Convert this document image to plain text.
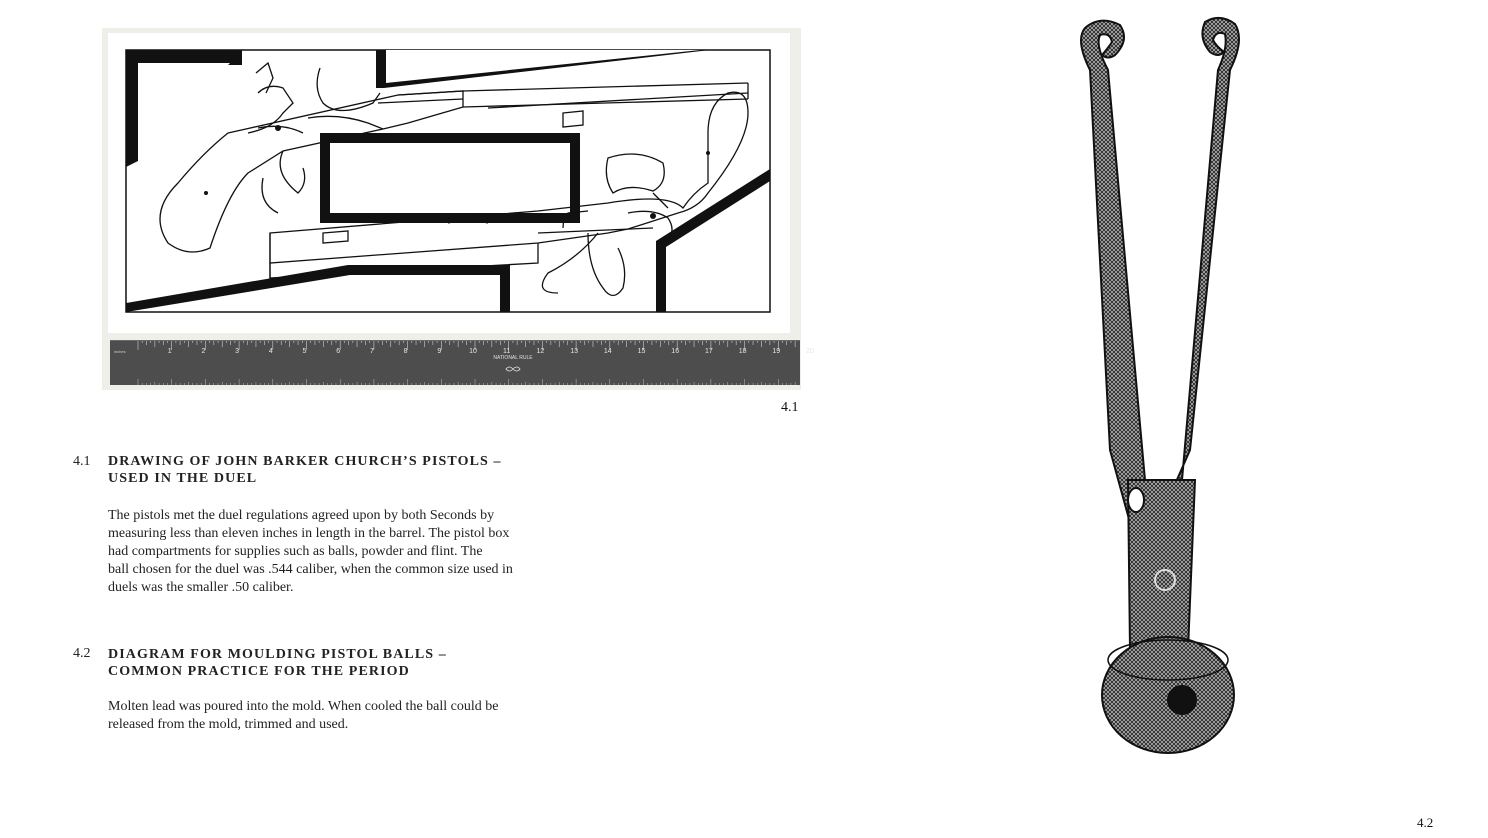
1	2	3	4	5	6	7	8	9	10	11	12	13	14	15	16	17	18	19	20
inches
NATIONAL RULE
4.1
4.1 DRAWING OF JOHN BARKER CHURCH’S PISTOLS –
USED IN THE DUEL
The pistols met the duel regulations agreed upon by both Seconds by
measuring less than eleven inches in length in the barrel. The pistol box
had compartments for supplies such as balls, powder and flint. The
ball chosen for the duel was .544 caliber, when the common size used in
duels was the smaller .50 caliber.
4.2 DIAGRAM FOR MOULDING PISTOL BALLS –
COMMON PRACTICE FOR THE PERIOD
Molten lead was poured into the mold. When cooled the ball could be
released from the mold, trimmed and used.
4.2
